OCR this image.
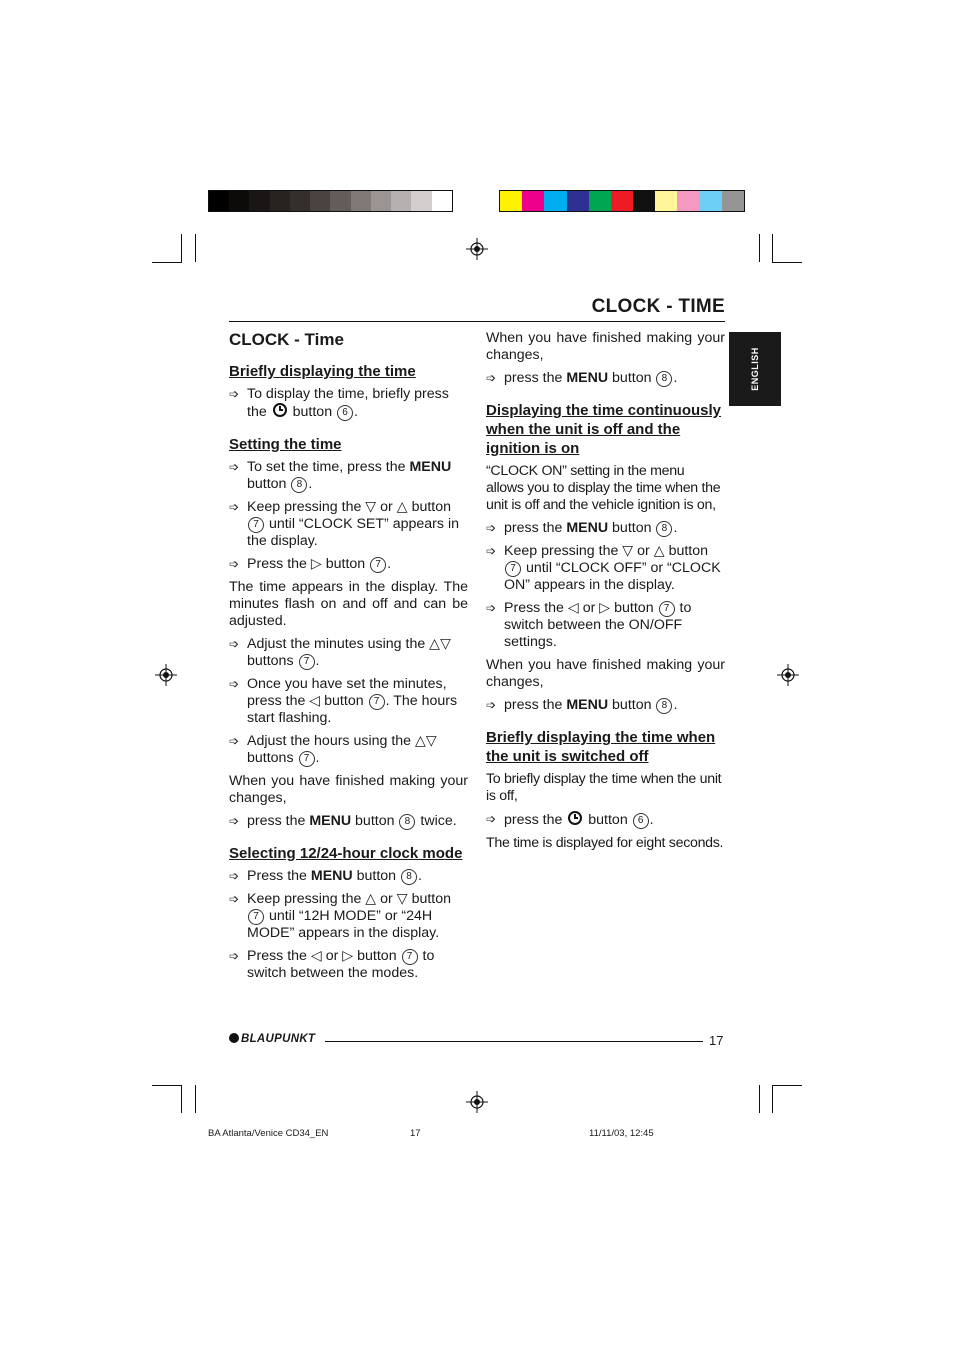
CLOCK - TIME
ENGLISH
CLOCK - Time
Briefly displaying the time
➩ To display the time, briefly press the button 6 .
Setting the time
➩ To set the time, press the MENU button 8 .
➩ Keep pressing the ▽ or △ button 7 until “CLOCK SET” appears in the display.
➩ Press the ▷ button 7 .

The time appears in the display. The minutes flash on and off and can be adjusted.

➩ Adjust the minutes using the △▽ buttons 7 .
➩ Once you have set the minutes, press the ◁ button 7 . The hours start flashing.
➩ Adjust the hours using the △▽ buttons 7 .

When you have finished making your changes,

➩ press the MENU button 8 twice.
Selecting 12/24-hour clock mode
➩ Press the MENU button 8 .
➩ Keep pressing the △ or ▽ button 7 until “12H MODE” or “24H MODE” appears in the display.
➩ Press the ◁ or ▷ button 7 to switch between the modes.

When you have finished making your changes,

➩ press the MENU button 8 .
Displaying the time continuously when the unit is off and the ignition is on

“CLOCK ON” setting in the menu allows you to display the time when the unit is off and the vehicle ignition is on,

➩ press the MENU button 8 .
➩ Keep pressing the ▽ or △ button 7 until “CLOCK OFF” or “CLOCK ON” appears in the display.
➩ Press the ◁ or ▷ button 7 to switch between the ON/OFF settings.

When you have finished making your changes,

➩ press the MENU button 8 .
Briefly displaying the time when the unit is switched off

To briefly display the time when the unit is off,

➩ press the button 6 .

The time is displayed for eight seconds.

BLAUPUNKT	17
BA Atlanta/Venice CD34_EN	17	11/11/03, 12:45
